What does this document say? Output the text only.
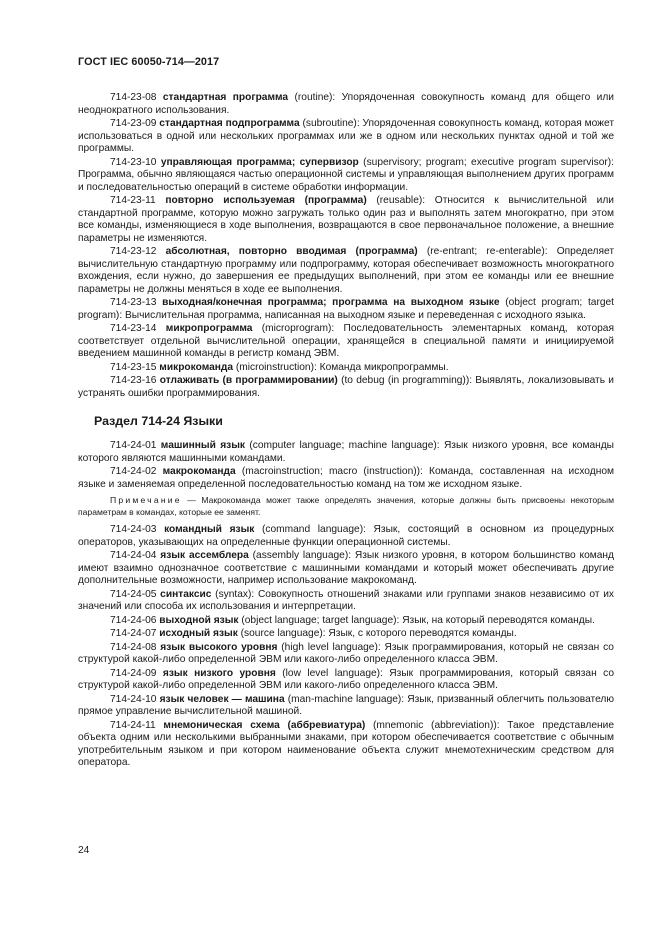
ГОСТ IEC 60050-714—2017

714-23-08 стандартная программа (routine): Упорядоченная совокупность команд для общего или неоднократного использования.

714-23-09 стандартная подпрограмма (subroutine): Упорядоченная совокупность команд, которая может использоваться в одной или нескольких программах или же в одном или нескольких пунктах одной и той же программы.

714-23-10 управляющая программа; супервизор (supervisory; program; executive program supervisor): Программа, обычно являющаяся частью операционной системы и управляющая выполнением других программ и последовательностью операций в системе обработки информации.

714-23-11 повторно используемая (программа) (reusable): Относится к вычислительной или стандартной программе, которую можно загружать только один раз и выполнять затем многократно, при этом все команды, изменяющиеся в ходе выполнения, возвращаются в свое первоначальное положение, а внешние параметры не изменяются.

714-23-12 абсолютная, повторно вводимая (программа) (re-entrant; re-enterable): Определяет вычислительную стандартную программу или подпрограмму, которая обеспечивает возможность многократного вхождения, если нужно, до завершения ее предыдущих выполнений, при этом ее команды или ее внешние параметры не должны меняться в ходе ее выполнения.

714-23-13 выходная/конечная программа; программа на выходном языке (object program; target program): Вычислительная программа, написанная на выходном языке и переведенная с исходного языка.

714-23-14 микропрограмма (microprogram): Последовательность элементарных команд, которая соответствует отдельной вычислительной операции, хранящейся в специальной памяти и инициируемой введением машинной команды в регистр команд ЭВМ.

714-23-15 микрокоманда (microinstruction): Команда микропрограммы.

714-23-16 отлаживать (в программировании) (to debug (in programming)): Выявлять, локализовывать и устранять ошибки программирования.

Раздел 714-24 Языки

714-24-01 машинный язык (computer language; machine language): Язык низкого уровня, все команды которого являются машинными командами.

714-24-02 макрокоманда (macroinstruction; macro (instruction)): Команда, составленная на исходном языке и заменяемая определенной последовательностью команд на том же исходном языке.

Примечание — Макрокоманда может также определять значения, которые должны быть присвоены некоторым параметрам в командах, которые ее заменят.

714-24-03 командный язык (command language): Язык, состоящий в основном из процедурных операторов, указывающих на определенные функции операционной системы.

714-24-04 язык ассемблера (assembly language): Язык низкого уровня, в котором большинство команд имеют взаимно однозначное соответствие с машинными командами и который может обеспечивать другие дополнительные возможности, например использование макрокоманд.

714-24-05 синтаксис (syntax): Совокупность отношений знаками или группами знаков независимо от их значений или способа их использования и интерпретации.

714-24-06 выходной язык (object language; target language): Язык, на который переводятся команды.

714-24-07 исходный язык (source language): Язык, с которого переводятся команды.

714-24-08 язык высокого уровня (high level language): Язык программирования, который не связан со структурой какой-либо определенной ЭВМ или какого-либо определенного класса ЭВМ.

714-24-09 язык низкого уровня (low level language): Язык программирования, который связан со структурой какой-либо определенной ЭВМ или какого-либо определенного класса ЭВМ.

714-24-10 язык человек — машина (man-machine language): Язык, призванный облегчить пользователю прямое управление вычислительной машиной.

714-24-11 мнемоническая схема (аббревиатура) (mnemonic (abbreviation)): Такое представление объекта одним или несколькими выбранными знаками, при котором обеспечивается соответствие с обычным употребительным языком и при котором наименование объекта служит мнемотехническим средством для оператора.

24
